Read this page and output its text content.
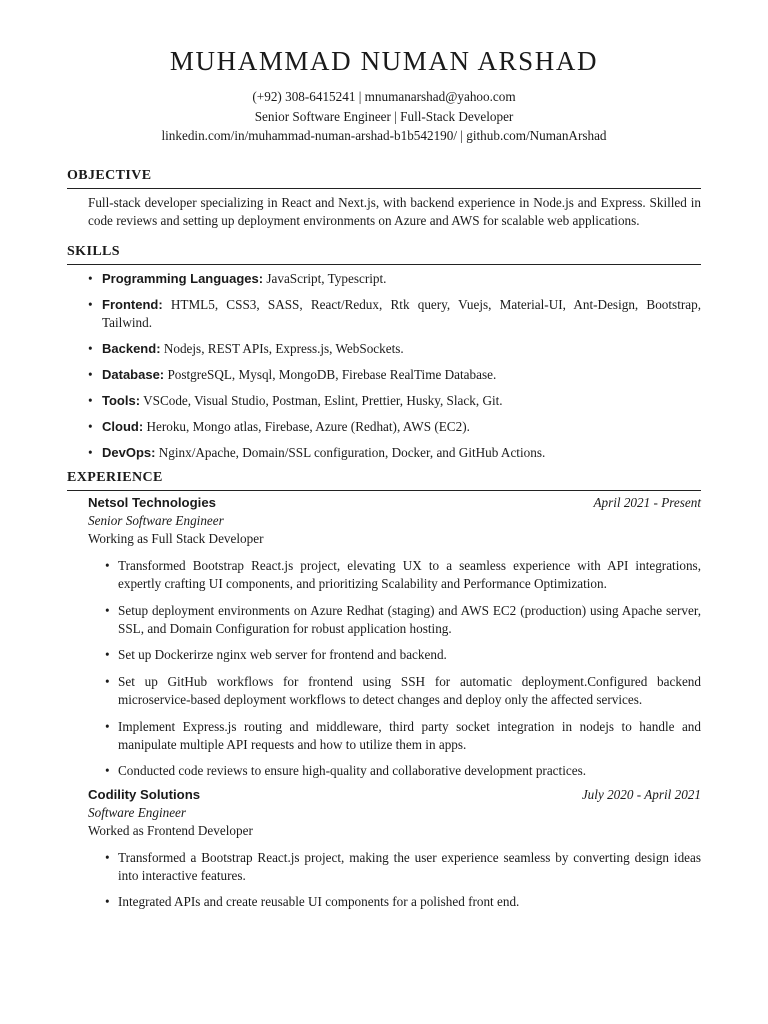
MUHAMMAD NUMAN ARSHAD
(+92) 308-6415241 | mnumanarshad@yahoo.com
Senior Software Engineer | Full-Stack Developer
linkedin.com/in/muhammad-numan-arshad-b1b542190/ | github.com/NumanArshad
OBJECTIVE
Full-stack developer specializing in React and Next.js, with backend experience in Node.js and Express. Skilled in code reviews and setting up deployment environments on Azure and AWS for scalable web applications.
SKILLS
• Programming Languages: JavaScript, Typescript.
• Frontend: HTML5, CSS3, SASS, React/Redux, Rtk query, Vuejs, Material-UI, Ant-Design, Bootstrap, Tailwind.
• Backend: Nodejs, REST APIs, Express.js, WebSockets.
• Database: PostgreSQL, Mysql, MongoDB, Firebase RealTime Database.
• Tools: VSCode, Visual Studio, Postman, Eslint, Prettier, Husky, Slack, Git.
• Cloud: Heroku, Mongo atlas, Firebase, Azure (Redhat), AWS (EC2).
• DevOps: Nginx/Apache, Domain/SSL configuration, Docker, and GitHub Actions.
EXPERIENCE
Netsol Technologies	April 2021 - Present
Senior Software Engineer
Working as Full Stack Developer
• Transformed Bootstrap React.js project, elevating UX to a seamless experience with API integrations, expertly crafting UI components, and prioritizing Scalability and Performance Optimization.
• Setup deployment environments on Azure Redhat (staging) and AWS EC2 (production) using Apache server, SSL, and Domain Configuration for robust application hosting.
• Set up Dockerirze nginx web server for frontend and backend.
• Set up GitHub workflows for frontend using SSH for automatic deployment.Configured backend microservice-based deployment workflows to detect changes and deploy only the affected services.
• Implement Express.js routing and middleware, third party socket integration in nodejs to handle and manipulate multiple API requests and how to utilize them in apps.
• Conducted code reviews to ensure high-quality and collaborative development practices.
Codility Solutions	July 2020 - April 2021
Software Engineer
Worked as Frontend Developer
• Transformed a Bootstrap React.js project, making the user experience seamless by converting design ideas into interactive features.
• Integrated APIs and create reusable UI components for a polished front end.
